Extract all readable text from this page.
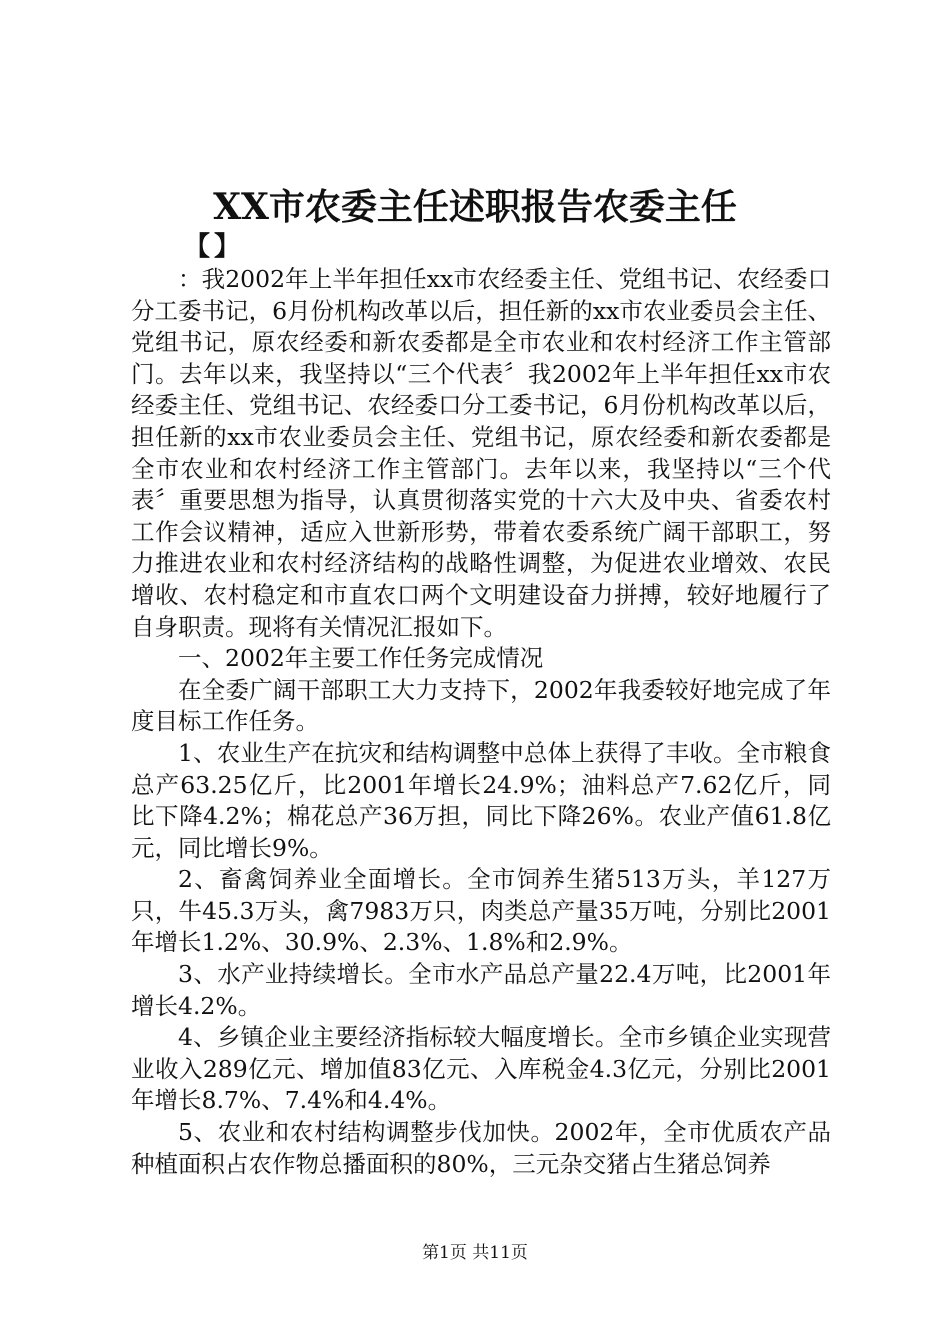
XX市农委主任述职报告农委主任
【】

：我2002年上半年担任xx市农经委主任、党组书记、农经委口分工委书记，6月份机构改革以后，担任新的xx市农业委员会主任、党组书记，原农经委和新农委都是全市农业和农村经济工作主管部门。去年以来，我坚持以“三个代表〞我2002年上半年担任xx市农经委主任、党组书记、农经委口分工委书记，6月份机构改革以后，担任新的xx市农业委员会主任、党组书记，原农经委和新农委都是全市农业和农村经济工作主管部门。去年以来，我坚持以“三个代表〞重要思想为指导，认真贯彻落实党的十六大及中央、省委农村工作会议精神，适应入世新形势，带着农委系统广阔干部职工，努力推进农业和农村经济结构的战略性调整，为促进农业增效、农民增收、农村稳定和市直农口两个文明建设奋力拼搏，较好地履行了自身职责。现将有关情况汇报如下。

一、2002年主要工作任务完成情况

在全委广阔干部职工大力支持下，2002年我委较好地完成了年度目标工作任务。

1、农业生产在抗灾和结构调整中总体上获得了丰收。全市粮食总产63.25亿斤，比2001年增长24.9%；油料总产7.62亿斤，同比下降4.2%；棉花总产36万担，同比下降26%。农业产值61.8亿元，同比增长9%。

2、畜禽饲养业全面增长。全市饲养生猪513万头，羊127万只，牛45.3万头，禽7983万只，肉类总产量35万吨，分别比2001年增长1.2%、30.9%、2.3%、1.8%和2.9%。

3、水产业持续增长。全市水产品总产量22.4万吨，比2001年增长4.2%。

4、乡镇企业主要经济指标较大幅度增长。全市乡镇企业实现营业收入289亿元、增加值83亿元、入库税金4.3亿元，分别比2001年增长8.7%、7.4%和4.4%。

5、农业和农村结构调整步伐加快。2002年，全市优质农产品种植面积占农作物总播面积的80%，三元杂交猪占生猪总饲养

第1页 共11页
